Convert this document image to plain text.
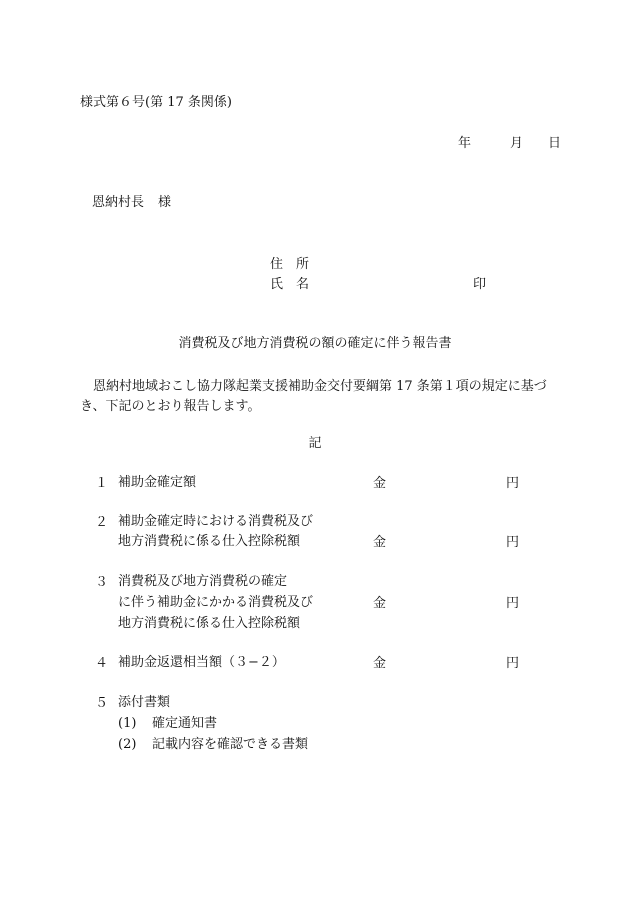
様式第６号(第 17 条関係)
年	月 日
恩納村長 様
住　所
氏　名	印
消費税及び地方消費税の額の確定に伴う報告書
恩納村地域おこし協力隊起業支援補助金交付要綱第 17 条第１項の規定に基づき、下記のとおり報告します。
記
１ 補助金確定額	金	円
２ 補助金確定時における消費税及び
地方消費税に係る仕入控除税額	金	円
３ 消費税及び地方消費税の確定
に伴う補助金にかかる消費税及び
地方消費税に係る仕入控除税額
金	円
４ 補助金返還相当額（３−２）	金	円
５ 添付書類
(1) 確定通知書
(2) 記載内容を確認できる書類
